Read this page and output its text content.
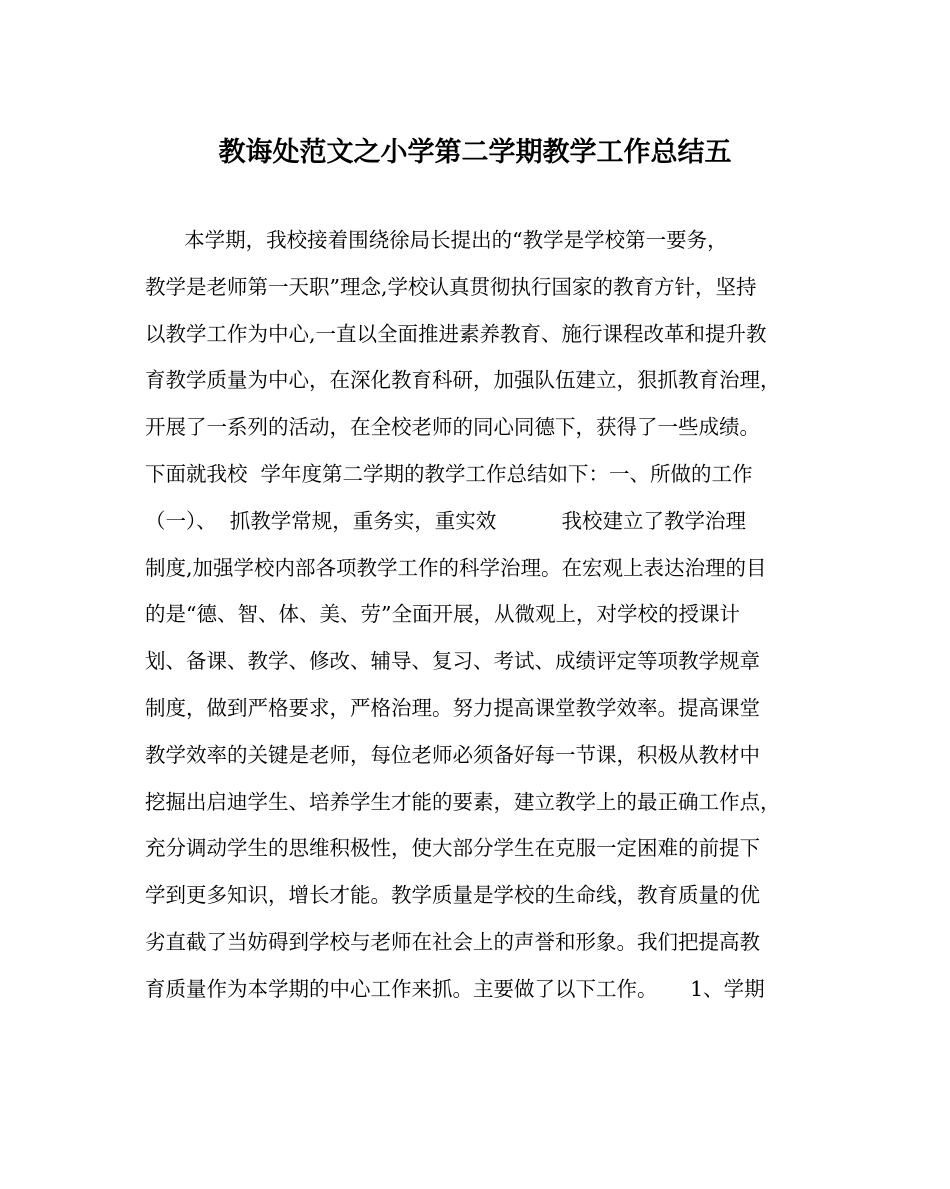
教诲处范文之小学第二学期教学工作总结五
本学期，我校接着围绕徐局长提出的“教学是学校第一要务，
教学是老师第一天职”理念,学校认真贯彻执行国家的教育方针，坚持
以教学工作为中心,一直以全面推进素养教育、施行课程改革和提升教
育教学质量为中心，在深化教育科研，加强队伍建立，狠抓教育治理，
开展了一系列的活动，在全校老师的同心同德下，获得了一些成绩。
下面就我校  学年度第二学期的教学工作总结如下：一、所做的工作
（一）、  抓教学常规，重务实，重实效          我校建立了教学治理
制度,加强学校内部各项教学工作的科学治理。在宏观上表达治理的目
的是“德、智、体、美、劳”全面开展，从微观上，对学校的授课计
划、备课、教学、修改、辅导、复习、考试、成绩评定等项教学规章
制度，做到严格要求，严格治理。努力提高课堂教学效率。提高课堂
教学效率的关键是老师，每位老师必须备好每一节课，积极从教材中
挖掘出启迪学生、培养学生才能的要素，建立教学上的最正确工作点，
充分调动学生的思维积极性，使大部分学生在克服一定困难的前提下
学到更多知识，增长才能。教学质量是学校的生命线，教育质量的优
劣直截了当妨碍到学校与老师在社会上的声誉和形象。我们把提高教
育质量作为本学期的中心工作来抓。主要做了以下工作。     1、学期
